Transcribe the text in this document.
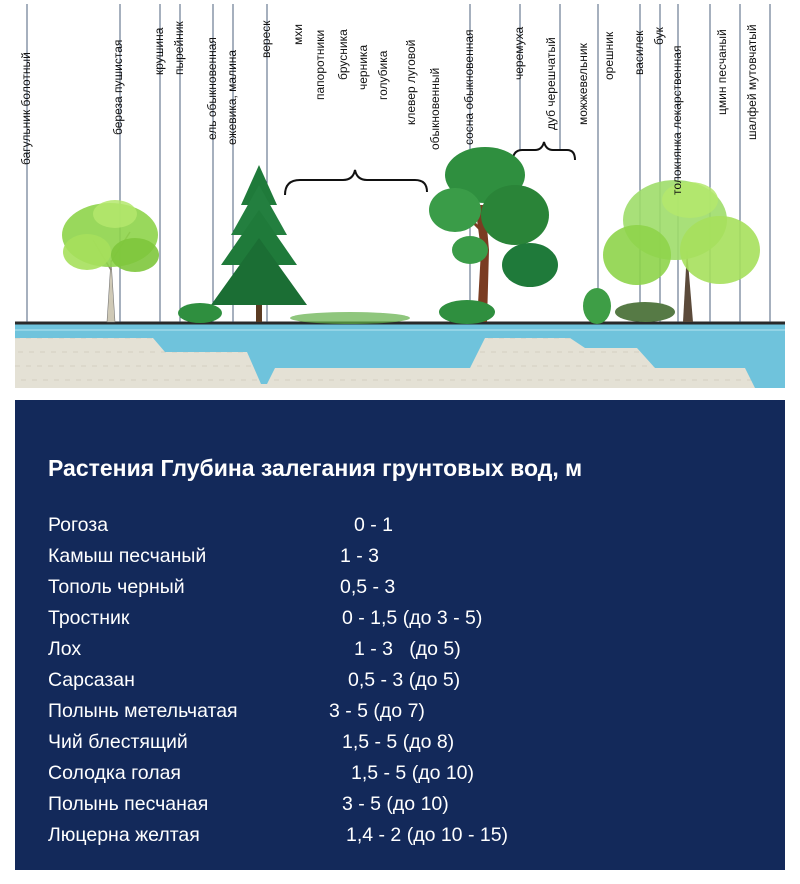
багульник болотный	береза пушистая крушина пырейник ель обыкновенная ежевика, малина
вереск мхи папоротники брусника черника голубика клевер луговой обыкновенный сосна обыкновенная	черемуха дуб черешчатый можжевельник орешник василек бук
толокнянка лекарственная	цмин песчаный шалфей мутовчатый
Растения Глубина залегания грунтовых вод, м
Рогоза	0 - 1
Камыш песчаный	1 - 3
Тополь черный	0,5 - 3
Тростник	0 - 1,5 (до 3 - 5)
Лох	1 - 3   (до 5)
Сарсазан	0,5 - 3 (до 5)
Полынь метельчатая	3 - 5 (до 7)
Чий блестящий	1,5 - 5 (до 8)
Солодка голая	1,5 - 5 (до 10)
Полынь песчаная	3 - 5 (до 10)
Люцерна желтая	1,4 - 2 (до 10 - 15)
